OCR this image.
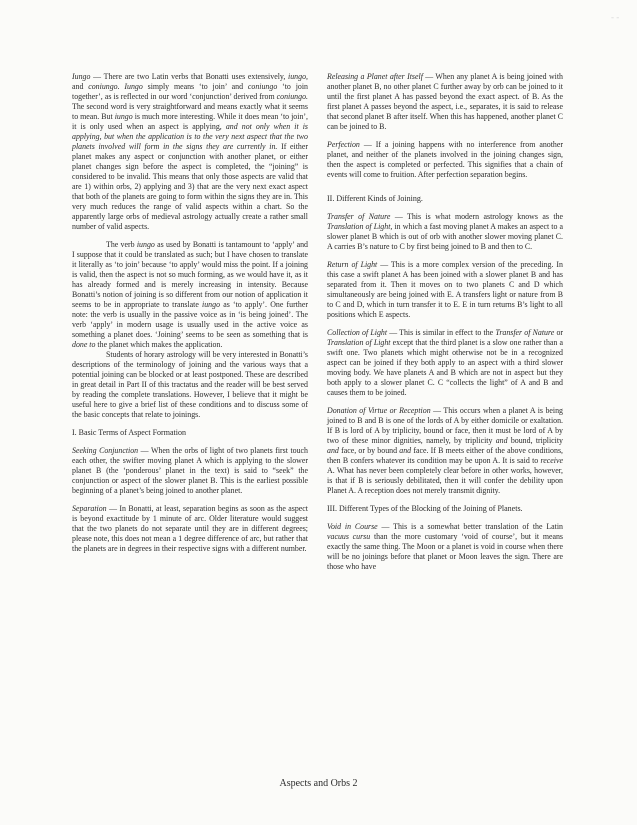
- -

Iungo — There are two Latin verbs that Bonatti uses extensively, iungo, and coniungo. Iungo simply means ‘to join’ and coniungo ‘to join together’, as is reflected in our word ‘conjunction’ derived from coniungo. The second word is very straightforward and means exactly what it seems to mean. But iungo is much more interesting. While it does mean ‘to join’, it is only used when an aspect is applying, and not only when it is applying, but when the application is to the very next aspect that the two planets involved will form in the signs they are currently in. If either planet makes any aspect or conjunction with another planet, or either planet changes sign before the aspect is completed, the “joining” is considered to be invalid. This means that only those aspects are valid that are 1) within orbs, 2) applying and 3) that are the very next exact aspect that both of the planets are going to form within the signs they are in. This very much reduces the range of valid aspects within a chart. So the apparently large orbs of medieval astrology actually create a rather small number of valid aspects.

The verb iungo as used by Bonatti is tantamount to ‘apply’ and I suppose that it could be translated as such; but I have chosen to translate it literally as ‘to join’ because ‘to apply’ would miss the point. If a joining is valid, then the aspect is not so much forming, as we would have it, as it has already formed and is merely increasing in intensity. Because Bonatti’s notion of joining is so different from our notion of application it seems to be in appropriate to translate iungo as ‘to apply’. One further note: the verb is usually in the passive voice as in ‘is being joined’. The verb ‘apply’ in modern usage is usually used in the active voice as something a planet does. ‘Joining’ seems to be seen as something that is done to the planet which makes the application.

Students of horary astrology will be very interested in Bonatti’s descriptions of the terminology of joining and the various ways that a potential joining can be blocked or at least postponed. These are described in great detail in Part II of this tractatus and the reader will be best served by reading the complete translations. However, I believe that it might be useful here to give a brief list of these conditions and to discuss some of the basic concepts that relate to joinings.

I. Basic Terms of Aspect Formation

Seeking Conjunction — When the orbs of light of two planets first touch each other, the swifter moving planet A which is applying to the slower planet B (the ‘ponderous’ planet in the text) is said to “seek” the conjunction or aspect of the slower planet B. This is the earliest possible beginning of a planet’s being joined to another planet.

Separation — In Bonatti, at least, separation begins as soon as the aspect is beyond exactitude by 1 minute of arc. Older literature would suggest that the two planets do not separate until they are in different degrees; please note, this does not mean a 1 degree difference of arc, but rather that the planets are in degrees in their respective signs with a different number.

Releasing a Planet after Itself — When any planet A is being joined with another planet B, no other planet C further away by orb can be joined to it until the first planet A has passed beyond the exact aspect. of B. As the first planet A passes beyond the aspect, i.e., separates, it is said to release that second planet B after itself. When this has happened, another planet C can be joined to B.

Perfection — If a joining happens with no interference from another planet, and neither of the planets involved in the joining changes sign, then the aspect is completed or perfected. This signifies that a chain of events will come to fruition. After perfection separation begins.

II. Different Kinds of Joining.

Transfer of Nature — This is what modern astrology knows as the Translation of Light, in which a fast moving planet A makes an aspect to a slower planet B which is out of orb with another slower moving planet C. A carries B’s nature to C by first being joined to B and then to C.

Return of Light — This is a more complex version of the preceding. In this case a swift planet A has been joined with a slower planet B and has separated from it. Then it moves on to two planets C and D which simultaneously are being joined with E. A transfers light or nature from B to C and D, which in turn transfer it to E. E in turn returns B’s light to all positions which E aspects.

Collection of Light — This is similar in effect to the Transfer of Nature or Translation of Light except that the third planet is a slow one rather than a swift one. Two planets which might otherwise not be in a recognized aspect can be joined if they both apply to an aspect with a third slower moving body. We have planets A and B which are not in aspect but they both apply to a slower planet C. C “collects the light” of A and B and causes them to be joined.

Donation of Virtue or Reception — This occurs when a planet A is being joined to B and B is one of the lords of A by either domicile or exaltation. If B is lord of A by triplicity, bound or face, then it must be lord of A by two of these minor dignities, namely, by triplicity and bound, triplicity and face, or by bound and face. If B meets either of the above conditions, then B confers whatever its condition may be upon A. It is said to receive A. What has never been completely clear before in other works, however, is that if B is seriously debilitated, then it will confer the debility upon Planet A. A reception does not merely transmit dignity.

III. Different Types of the Blocking of the Joining of Planets.

Void in Course — This is a somewhat better translation of the Latin vacuus cursu than the more customary ‘void of course’, but it means exactly the same thing. The Moon or a planet is void in course when there will be no joinings before that planet or Moon leaves the sign. There are those who have

Aspects and Orbs 2
